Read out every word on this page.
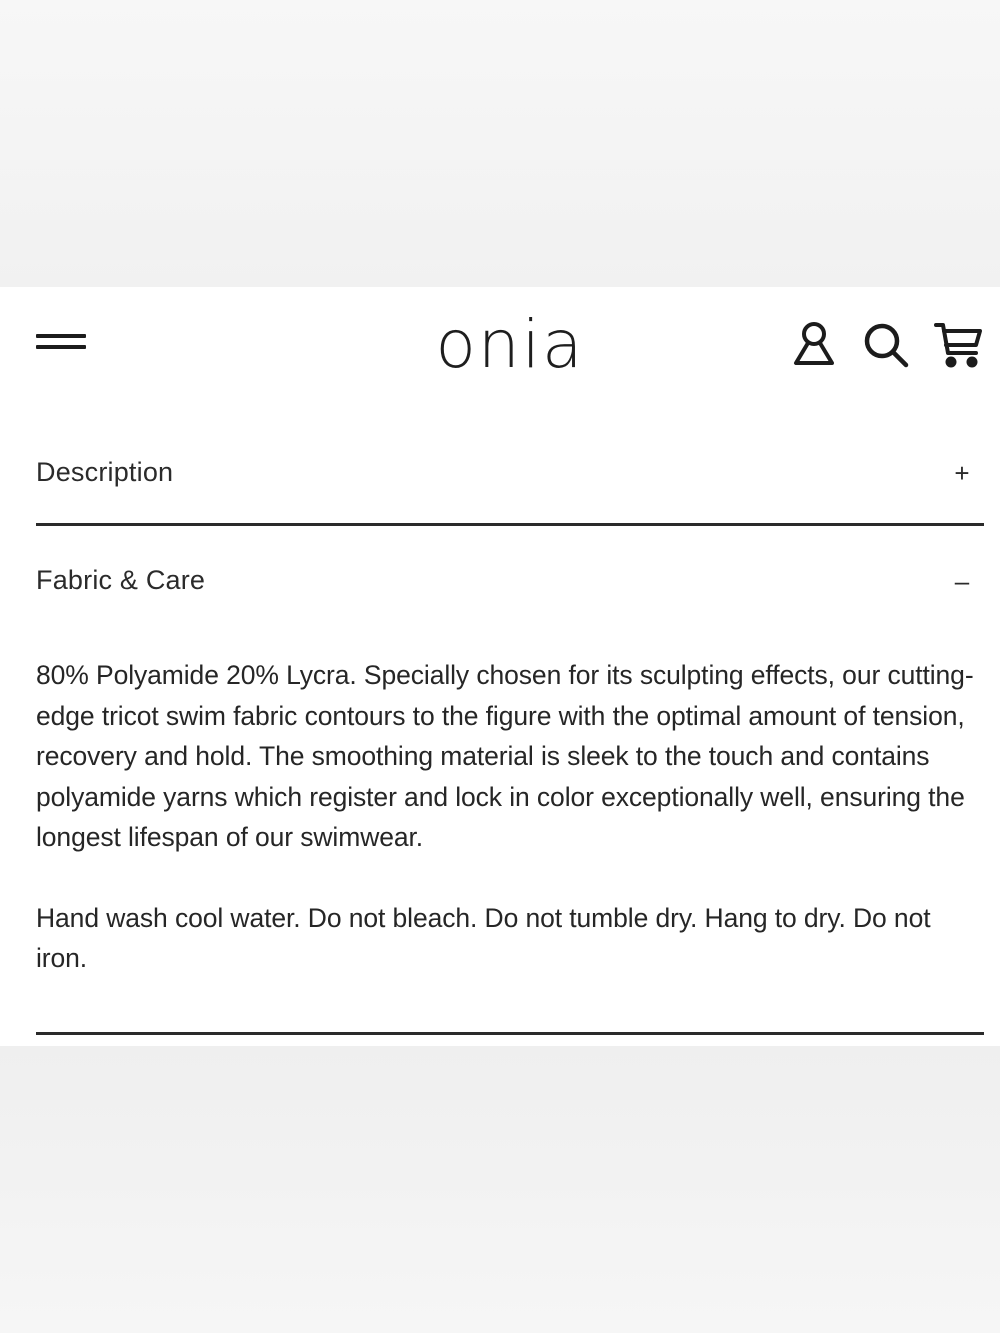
onia
Description	+
Fabric & Care	–

80% Polyamide 20% Lycra. Specially chosen for its sculpting effects, our cutting-edge tricot swim fabric contours to the figure with the optimal amount of tension, recovery and hold. The smoothing material is sleek to the touch and contains polyamide yarns which register and lock in color exceptionally well, ensuring the longest lifespan of our swimwear.

Hand wash cool water. Do not bleach. Do not tumble dry. Hang to dry. Do not iron.
